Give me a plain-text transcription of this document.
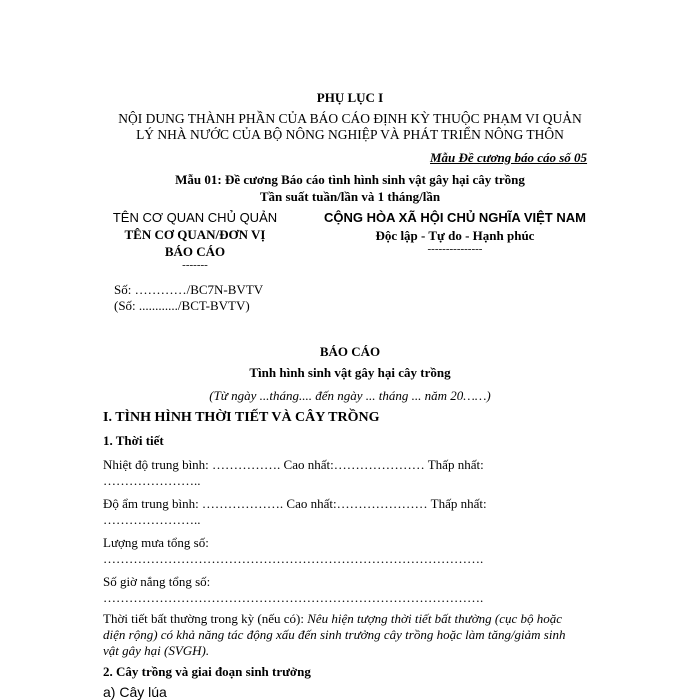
PHỤ LỤC I
NỘI DUNG THÀNH PHẦN CỦA BÁO CÁO ĐỊNH KỲ THUỘC PHẠM VI QUẢN
LÝ NHÀ NƯỚC CỦA BỘ NÔNG NGHIỆP VÀ PHÁT TRIỂN NÔNG THÔN
Mẫu Đề cương báo cáo số 05
Mẫu 01: Đề cương Báo cáo tình hình sinh vật gây hại cây trồng
Tần suất tuần/lần và 1 tháng/lần
TÊN CƠ QUAN CHỦ QUẢN
TÊN CƠ QUAN/ĐƠN VỊ
BÁO CÁO
-------
Số: …………/BC7N-BVTV
(Số: ............/BCT-BVTV)
CỘNG HÒA XÃ HỘI CHỦ NGHĨA VIỆT NAM
Độc lập - Tự do - Hạnh phúc
---------------
BÁO CÁO
Tình hình sinh vật gây hại cây trồng
(Từ ngày ...tháng.... đến ngày ... tháng ... năm 20……)
I. TÌNH HÌNH THỜI TIẾT VÀ CÂY TRỒNG
1. Thời tiết
Nhiệt độ trung bình: ……………. Cao nhất:………………… Thấp nhất:
…………………..
Độ ẩm trung bình: ………………. Cao nhất:………………… Thấp nhất:
…………………..
Lượng mưa tổng số:
…………………………………………………………………………….
Số giờ nắng tổng số:
…………………………………………………………………………….
Thời tiết bất thường trong kỳ (nếu có): Nêu hiện tượng thời tiết bất thường (cục bộ hoặc
diện rộng) có khả năng tác động xấu đến sinh trưởng cây trồng hoặc làm tăng/giảm sinh
vật gây hại (SVGH).
2. Cây trồng và giai đoạn sinh trưởng
a) Cây lúa
